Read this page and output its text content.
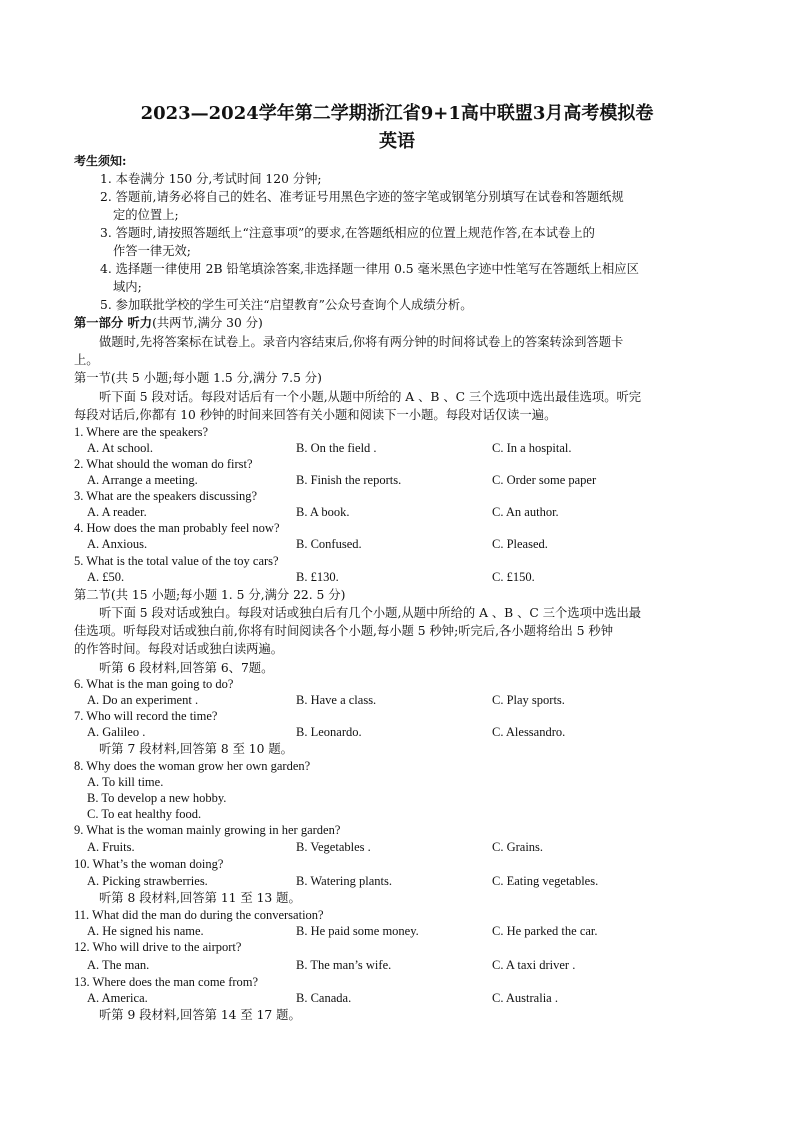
2023—2024学年第二学期浙江省9+1高中联盟3月高考模拟卷
英语
考生须知:
1. 本卷满分 150 分,考试时间 120 分钟;
2. 答题前,请务必将自己的姓名、准考证号用黑色字迹的签字笔或钢笔分别填写在试卷和答题纸规
定的位置上;
3. 答题时,请按照答题纸上“注意事项”的要求,在答题纸相应的位置上规范作答,在本试卷上的
作答一律无效;
4. 选择题一律使用 2B 铅笔填涂答案,非选择题一律用 0.5 毫米黑色字迹中性笔写在答题纸上相应区
域内;
5. 参加联批学校的学生可关注“启望教育”公众号查询个人成绩分析。
第一部分 听力(共两节,满分 30 分)
做题时,先将答案标在试卷上。录音内容结束后,你将有两分钟的时间将试卷上的答案转涂到答题卡
上。
第一节(共 5 小题;每小题 1.5 分,满分 7.5 分)
听下面 5 段对话。每段对话后有一个小题,从题中所给的 A 、B 、C 三个选项中选出最佳选项。听完
每段对话后,你都有 10 秒钟的时间来回答有关小题和阅读下一小题。每段对话仅读一遍。
1. Where are the speakers?
A. At school.	B. On the field .	C. In a hospital.
2. What should the woman do first?
A. Arrange a meeting.	B. Finish the reports.	C. Order some paper
3. What are the speakers discussing?
A. A reader.	B. A book.	C. An author.
4. How does the man probably feel now?
A. Anxious.	B. Confused.	C. Pleased.
5. What is the total value of the toy cars?
A. £50.	B. £130.	C. £150.
第二节(共 15 小题;每小题 1. 5 分,满分 22. 5 分)
听下面 5 段对话或独白。每段对话或独白后有几个小题,从题中所给的 A 、B 、C 三个选项中选出最
佳选项。听每段对话或独白前,你将有时间阅读各个小题,每小题 5 秒钟;听完后,各小题将给出 5 秒钟
的作答时间。每段对话或独白读两遍。
听第 6 段材料,回答第 6、7题。
6. What is the man going to do?
A. Do an experiment .	B. Have a class.	C. Play sports.
7. Who will record the time?
A. Galileo .	B. Leonardo.	C. Alessandro.
听第 7 段材料,回答第 8 至 10 题。
8. Why does the woman grow her own garden?
A. To kill time.
B. To develop a new hobby.
C. To eat healthy food.
9. What is the woman mainly growing in her garden?
A. Fruits.	B. Vegetables .	C. Grains.
10. What’s the woman doing?
A. Picking strawberries.	B. Watering plants.	C. Eating vegetables.
听第 8 段材料,回答第 11 至 13 题。
11. What did the man do during the conversation?
A. He signed his name.	B. He paid some money.	C. He parked the car.
12. Who will drive to the airport?
A. The man.	B. The man’s wife.	C. A taxi driver .
13. Where does the man come from?
A. America.	B. Canada.	C. Australia .
听第 9 段材料,回答第 14 至 17 题。
